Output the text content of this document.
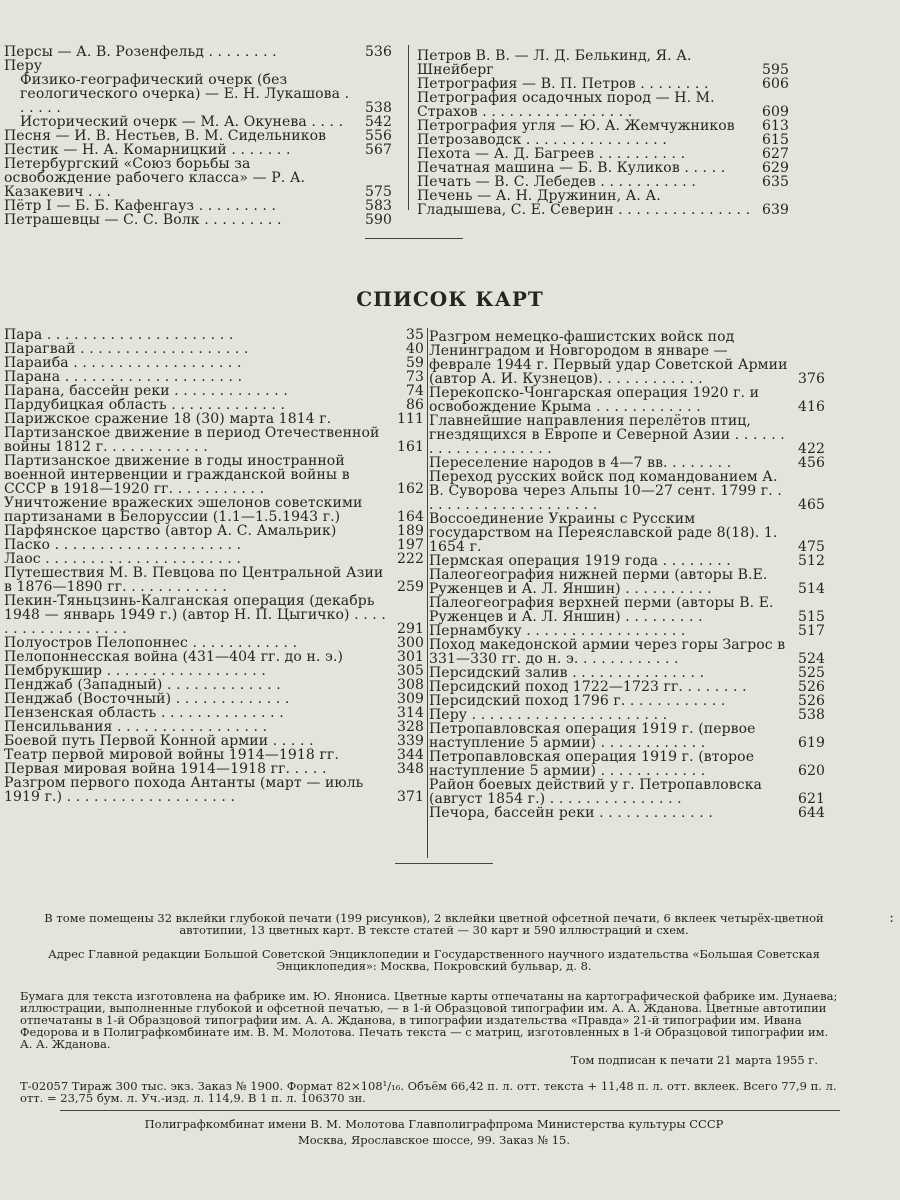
Персы — А. В. Розенфельд . . . . . . . .	536
Перу
Физико-географический очерк (без геологического очерка) — Е. Н. Лукашова . . . . . .	538
Исторический очерк — М. А. Окунева . . . .	542
Песня — И. В. Нестьев, В. М. Сидельников	556
Пестик — Н. А. Комарницкий . . . . . . .	567
Петербургский «Союз борьбы за освобождение рабочего класса» — Р. А. Казакевич . . .	575
Пётр I — Б. Б. Кафенгауз . . . . . . . . .	583
Петрашевцы — С. С. Волк . . . . . . . . .	590
Петров В. В. — Л. Д. Белькинд, Я. А. Шнейберг	595
Петрография — В. П. Петров . . . . . . . .	606
Петрография осадочных пород — Н. М. Страхов . . . . . . . . . . . . . . . . .	609
Петрография угля — Ю. А. Жемчужников	613
Петрозаводск . . . . . . . . . . . . . . . .	615
Пехота — А. Д. Багреев . . . . . . . . . .	627
Печатная машина — Б. В. Куликов . . . . .	629
Печать — В. С. Лебедев . . . . . . . . . . .	635
Печень — А. Н. Дружинин, А. А. Гладышева, С. Е. Северин . . . . . . . . . . . . . . . 639
СПИСОК КАРТ
Пара . . . . . . . . . . . . . . . . . . . . .	35
Парагвай . . . . . . . . . . . . . . . . . . .	40
Параиба . . . . . . . . . . . . . . . . . . .	59
Парана . . . . . . . . . . . . . . . . . . . .	73
Парана, бассейн реки . . . . . . . . . . . . .	74
Пардубицкая область . . . . . . . . . . . . .	86
Парижское сражение 18 (30) марта 1814 г.	111
Партизанское движение в период Отечественной войны 1812 г. . . . . . . . . . . .	161
Партизанское движение в годы иностранной военной интервенции и гражданской войны в СССР в 1918—1920 гг. . . . . . . . . . .	162
Уничтожение вражеских эшелонов советскими партизанами в Белоруссии (1.1—1.5.1943 г.)	164
Парфянское царство (автор А. С. Амальрик)	189
Паско . . . . . . . . . . . . . . . . . . . . .	197
Лаос . . . . . . . . . . . . . . . . . . . . . .	222
Путешествия М. В. Певцова по Центральной Азии в 1876—1890 гг. . . . . . . . . . . .	259
Пекин-Тяньцзинь-Калганская операция (декабрь 1948 — январь 1949 г.) (автор Н. П. Цыгичко) . . . . . . . . . . . . . . . . . .	291
Полуостров Пелопоннес . . . . . . . . . . . .	300
Пелопоннесская война (431—404 гг. до н. э.)	301
Пембрукшир . . . . . . . . . . . . . . . . . .	305
Пенджаб (Западный) . . . . . . . . . . . . .	308
Пенджаб (Восточный) . . . . . . . . . . . . .	309
Пензенская область . . . . . . . . . . . . . .	314
Пенсильвания . . . . . . . . . . . . . . . . .	328
Боевой путь Первой Конной армии . . . . .	339
Театр первой мировой войны 1914—1918 гг.	344
Первая мировая война 1914—1918 гг. . . . .	348
Разгром первого похода Антанты (март — июль 1919 г.) . . . . . . . . . . . . . . . . . . .	371
Разгром немецко-фашистских войск под Ленинградом и Новгородом в январе — феврале 1944 г. Первый удар Советской Армии (автор А. И. Кузнецов). . . . . . . . . . . .	376
Перекопско-Чонгарская операция 1920 г. и освобождение Крыма . . . . . . . . . . . .	416
Главнейшие направления перелётов птиц, гнездящихся в Европе и Северной Азии . . . . . . . . . . . . . . . . . . . .	422
Переселение народов в 4—7 вв. . . . . . . .	456
Переход русских войск под командованием А. В. Суворова через Альпы 10—27 сент. 1799 г. . . . . . . . . . . . . . . . . . . . .	465
Воссоединение Украины с Русским государством на Переяславской раде 8(18). 1. 1654 г.	475
Пермская операция 1919 года . . . . . . . .	512
Палеогеография нижней перми (авторы В.Е. Руженцев и А. Л. Яншин) . . . . . . . . . .	514
Палеогеография верхней перми (авторы В. Е. Руженцев и А. Л. Яншин) . . . . . . . . .	515
Пернамбуку . . . . . . . . . . . . . . . . . .	517
Поход македонской армии через горы Загрос в 331—330 гг. до н. э. . . . . . . . . . . .	524
Персидский залив . . . . . . . . . . . . . . .	525
Персидский поход 1722—1723 гг. . . . . . . .	526
Персидский поход 1796 г. . . . . . . . . . . .	526
Перу . . . . . . . . . . . . . . . . . . . . . .	538
Петропавловская операция 1919 г. (первое наступление 5 армии) . . . . . . . . . . . .	619
Петропавловская операция 1919 г. (второе наступление 5 армии) . . . . . . . . . . . .	620
Район боевых действий у г. Петропавловска (август 1854 г.) . . . . . . . . . . . . . . .	621
Печора, бассейн реки . . . . . . . . . . . . .	644
В томе помещены 32 вклейки глубокой печати (199 рисунков), 2 вклейки цветной офсетной печати, 6 вклеек четырёх-цветной автотипии, 13 цветных карт. В тексте статей — 30 карт и 590 иллюстраций и схем.
Адрес Главной редакции Большой Советской Энциклопедии и Государственного научного издательства «Большая Советская Энциклопедия»: Москва, Покровский бульвар, д. 8.
Бумага для текста изготовлена на фабрике им. Ю. Янониса. Цветные карты отпечатаны на картографической фабрике им. Дунаева; иллюстрации, выполненные глубокой и офсетной печатью, — в 1-й Образцовой типографии им. А. А. Жданова. Цветные автотипии отпечатаны в 1-й Образцовой типографии им. А. А. Жданова, в типографии издательства «Правда» 21-й типографии им. Ивана Федорова и в Полиграфкомбинате им. В. М. Молотова. Печать текста — с матриц, изготовленных в 1-й Образцовой типографии им. А. А. Жданова.
Том подписан к печати 21 марта 1955 г.
Т-02057 Тираж 300 тыс. экз. Заказ № 1900. Формат 82×108¹/₁₆. Объём 66,42 п. л. отт. текста + 11,48 п. л. отт. вклеек. Всего 77,9 п. л. отт. = 23,75 бум. л. Уч.-изд. л. 114,9. В 1 п. л. 106370 зн.
Полиграфкомбинат имени В. М. Молотова Главполиграфпрома Министерства культуры СССР
Москва, Ярославское шоссе, 99. Заказ № 15.
:
